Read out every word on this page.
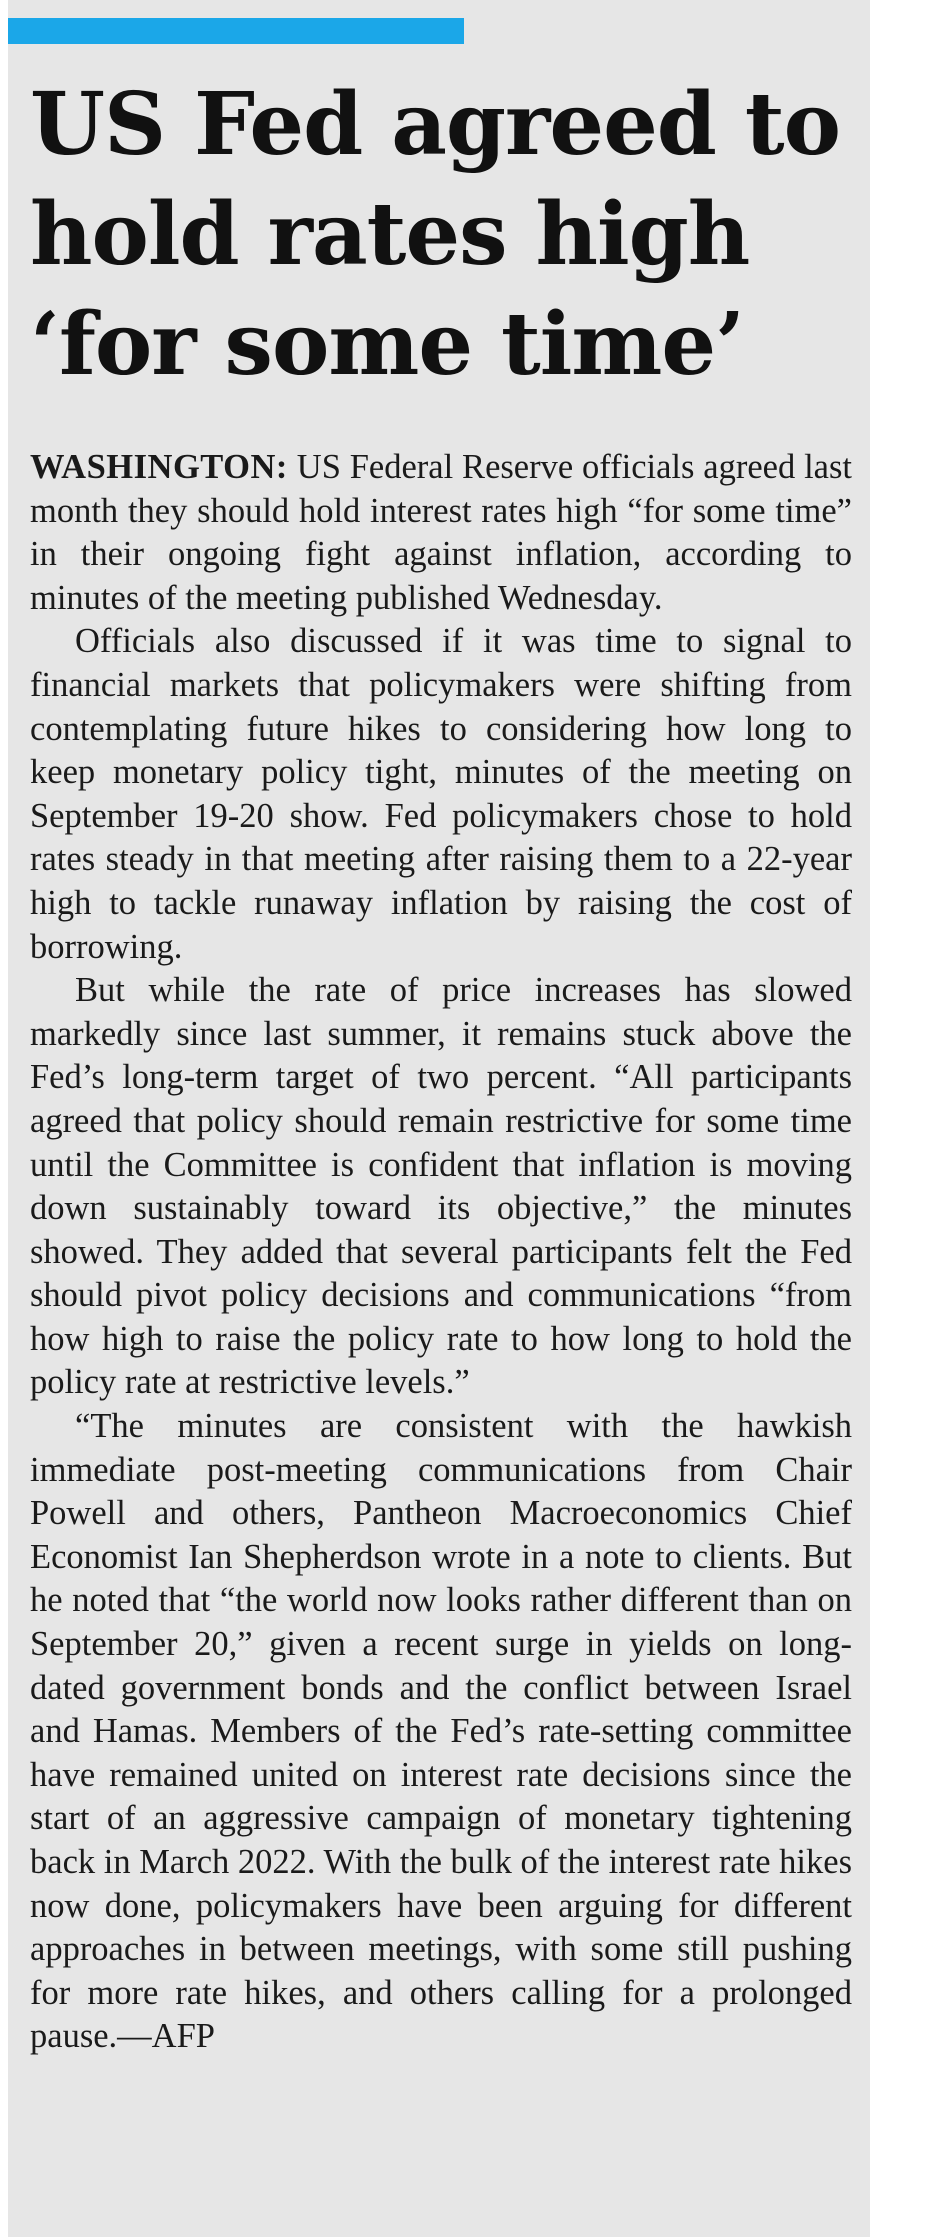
US Fed agreed to
hold rates high
‘for some time’

WASHINGTON: US Federal Reserve officials agreed last month they should hold interest rates high “for some time” in their ongoing fight against inflation, according to minutes of the meeting published Wednesday.

Officials also discussed if it was time to signal to financial markets that policymakers were shifting from contemplating future hikes to considering how long to keep monetary policy tight, minutes of the meeting on September 19-20 show. Fed policymakers chose to hold rates steady in that meeting after raising them to a 22-year high to tackle runaway inflation by raising the cost of borrowing.

But while the rate of price increases has slowed markedly since last summer, it remains stuck above the Fed’s long-term target of two percent. “All participants agreed that policy should remain restrictive for some time until the Committee is confident that inflation is moving down sustainably toward its objective,” the minutes showed. They added that several participants felt the Fed should pivot policy decisions and communications “from how high to raise the policy rate to how long to hold the policy rate at restrictive levels.”

“The minutes are consistent with the hawkish immediate post-meeting communications from Chair Powell and others, Pantheon Macroeconomics Chief Economist Ian Shepherdson wrote in a note to clients. But he noted that “the world now looks rather different than on September 20,” given a recent surge in yields on long-dated government bonds and the conflict between Israel and Hamas. Members of the Fed’s rate-setting committee have remained united on interest rate decisions since the start of an aggressive campaign of monetary tightening back in March 2022. With the bulk of the interest rate hikes now done, policymakers have been arguing for different approaches in between meetings, with some still pushing for more rate hikes, and others calling for a prolonged pause.—AFP
